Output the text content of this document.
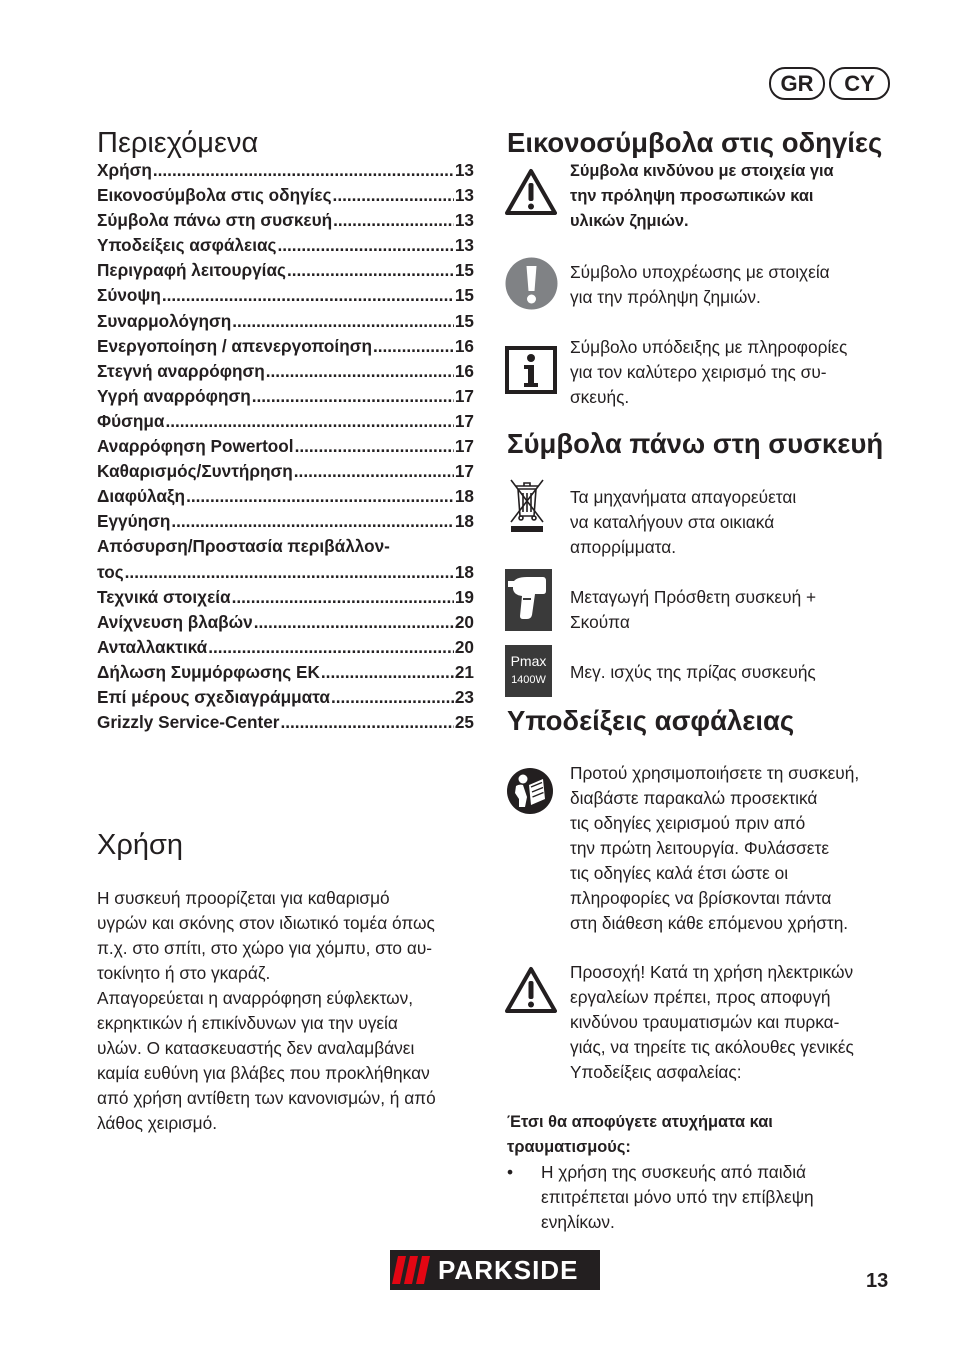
GR	CY
Περιεχόμενα
Χρήση .....	13
Εικονοσύμβολα στις οδηγίες .....	13
Σύμβολα πάνω στη συσκευή .....	13
Υποδείξεις ασφάλειας .....	13
Περιγραφή λειτουργίας .....	15
Σύνοψη .....	15
Συναρμολόγηση .....	15
Ενεργοποίηση / απενεργοποίηση .....	16
Στεγνή αναρρόφηση .....	16
Υγρή αναρρόφηση .....	17
Φύσημα .....	17
Αναρρόφηση Powertool .....	17
Καθαρισμός/Συντήρηση .....	17
Διαφύλαξη .....	18
Εγγύηση .....	18
Απόσυρση/Προστασία περιβάλλον-
τος .....	18
Τεχνικά στοιχεία .....	19
Ανίχνευση βλαβών .....	20
Ανταλλακτικά .....	20
Δήλωση Συμμόρφωσης ΕΚ .....	21
Επί μέρους σχεδιαγράμματα .....	23
Grizzly Service-Center .....	25
Χρήση
Η συσκευή προορίζεται για καθαρισμό
υγρών και σκόνης στον ιδιωτικό τομέα όπως
π.χ. στο σπίτι, στο χώρο για χόμπυ, στο αυ-
τοκίνητο ή στο γκαράζ.
Απαγορεύεται η αναρρόφηση εύφλεκτων,
εκρηκτικών ή επικίνδυνων για την υγεία
υλών. Ο κατασκευαστής δεν αναλαμβάνει
καμία ευθύνη για βλάβες που προκλήθηκαν
από χρήση αντίθετη των κανονισμών, ή από
λάθος χειρισμό.
Εικονοσύμβολα στις οδηγίες
Σύμβολα κινδύνου με στοιχεία για
την πρόληψη προσωπικών και
υλικών ζημιών.
Σύμβολο υποχρέωσης με στοιχεία
για την πρόληψη ζημιών.
Σύμβολο υπόδειξης με πληροφορίες
για τον καλύτερο χειρισμό της συ-
σκευής.
Σύμβολα πάνω στη συσκευή
Τα μηχανήματα απαγορεύεται
να καταλήγουν στα οικιακά
απορρίμματα.
Μεταγωγή Πρόσθετη συσκευή +
Σκούπα
Pmax
1400W	Μεγ. ισχύς της πρίζας συσκευής
Υποδείξεις ασφάλειας
Προτού χρησιμοποιήσετε τη συσκευή,
διαβάστε παρακαλώ προσεκτικά
τις οδηγίες χειρισμού πριν από
την πρώτη λειτουργία. Φυλάσσετε
τις οδηγίες καλά έτσι ώστε οι
πληροφορίες να βρίσκονται πάντα
στη διάθεση κάθε επόμενου χρήστη.
Προσοχή! Κατά τη χρήση ηλεκτρικών
εργαλείων πρέπει, προς αποφυγή
κινδύνου τραυματισμών και πυρκα-
γιάς, να τηρείτε τις ακόλουθες γενικές
Υποδείξεις ασφαλείας:
Έτσι θα αποφύγετε ατυχήματα και
τραυματισμούς:
• Η χρήση της συσκευής από παιδιά
επιτρέπεται μόνο υπό την επίβλεψη
ενηλίκων.
PARKSIDE	13
